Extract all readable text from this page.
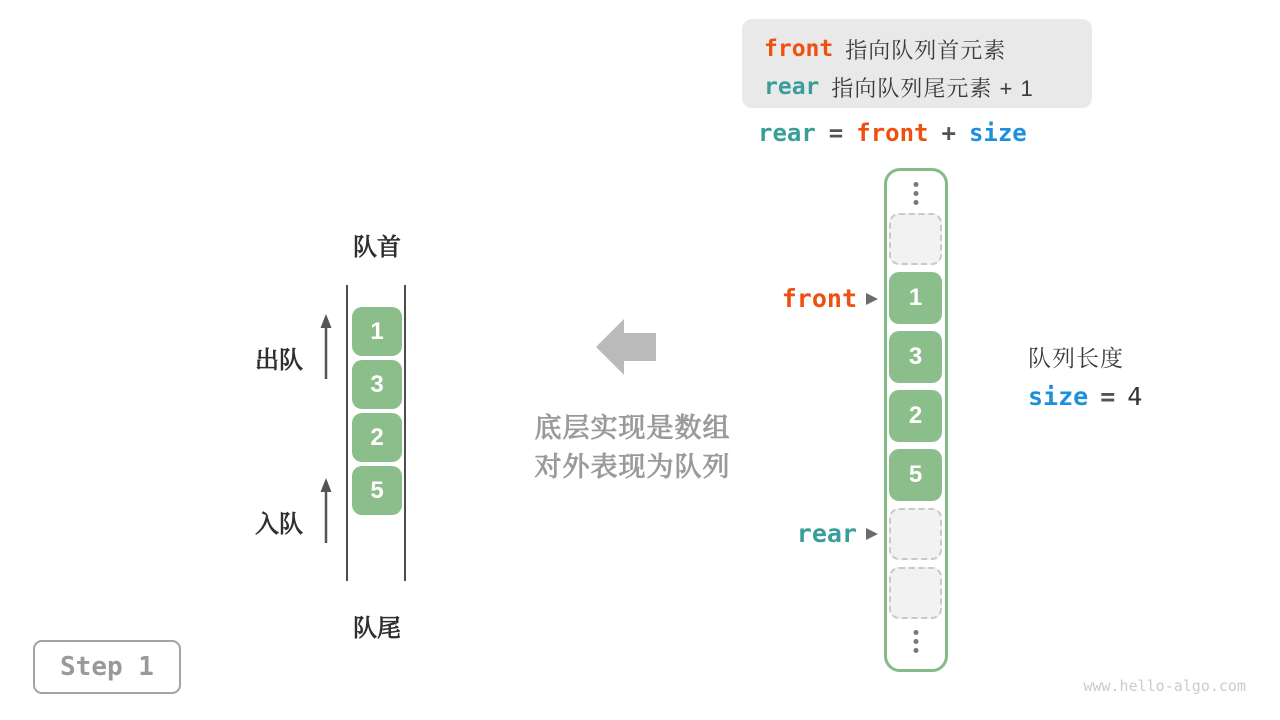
front 指向队列首元素
rear 指向队列尾元素 + 1
rear = front + size
队首
1
3
2
5
队尾
出队
入队
底层实现是数组
对外表现为队列
1
3
2
5
front
rear
队列长度
size = 4
Step 1
www.hello-algo.com
